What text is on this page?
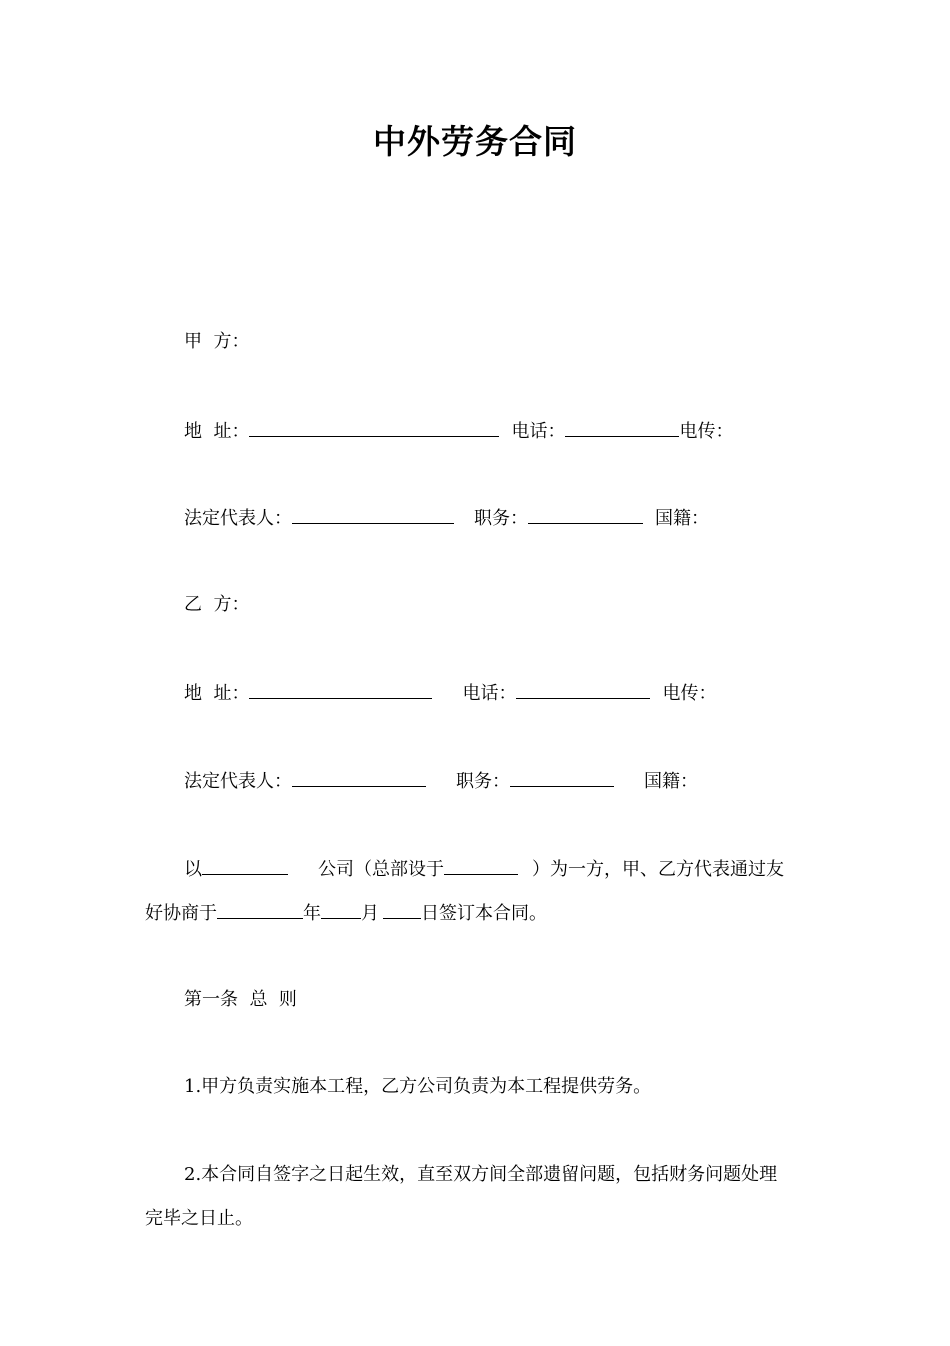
中外劳务合同
甲  方：
地  址：	电话：	电传：
法定代表人：	职务：	国籍：
乙  方：
地  址：	电话：	电传：
法定代表人：	职务：	国籍：
以	公司（总部设于	）为一方，甲、乙方代表通过友
好协商于	年 月 日签订本合同。
第一条  总  则
1.甲方负责实施本工程，乙方公司负责为本工程提供劳务。
2.本合同自签字之日起生效，直至双方间全部遗留问题，包括财务问题处理
完毕之日止。
